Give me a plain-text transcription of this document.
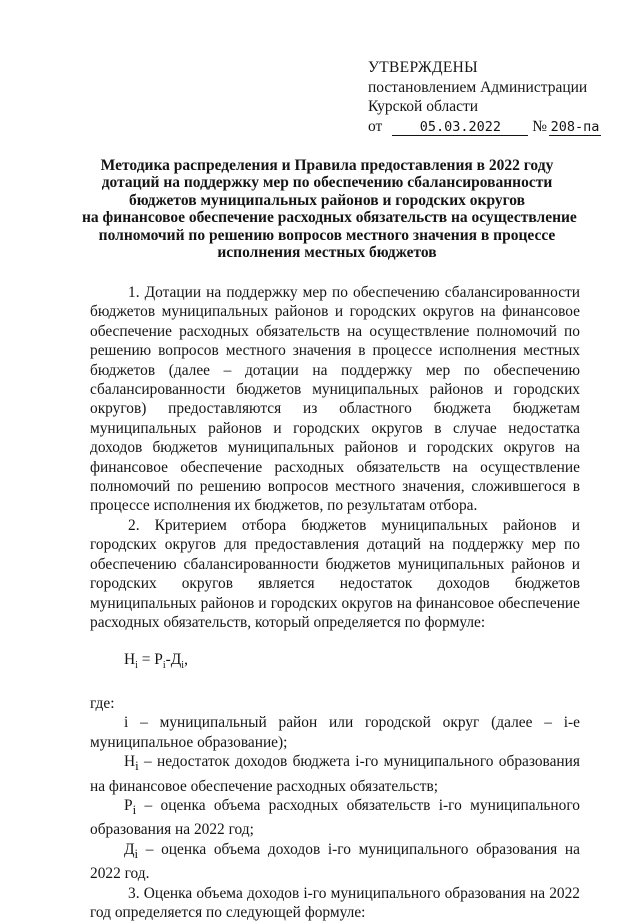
УТВЕРЖДЕНЫ
постановлением Администрации
Курской области
от	05.03.2022 № 208-па
Методика распределения и Правила предоставления в 2022 году
дотаций на поддержку мер по обеспечению сбалансированности
бюджетов муниципальных районов и городских округов
на финансовое обеспечение расходных обязательств на осуществление
полномочий по решению вопросов местного значения в процессе
исполнения местных бюджетов

1. Дотации на поддержку мер по обеспечению сбалансированности бюджетов муниципальных районов и городских округов на финансовое обеспечение расходных обязательств на осуществление полномочий по решению вопросов местного значения в процессе исполнения местных бюджетов (далее – дотации на поддержку мер по обеспечению сбалансированности бюджетов муниципальных районов и городских округов) предоставляются из областного бюджета бюджетам муниципальных районов и городских округов в случае недостатка доходов бюджетов муниципальных районов и городских округов на финансовое обеспечение расходных обязательств на осуществление полномочий по решению вопросов местного значения, сложившегося в процессе исполнения их бюджетов, по результатам отбора.

2. Критерием отбора бюджетов муниципальных районов и городских округов для предоставления дотаций на поддержку мер по обеспечению сбалансированности бюджетов муниципальных районов и городских округов является недостаток доходов бюджетов муниципальных районов и городских округов на финансовое обеспечение расходных обязательств, который определяется по формуле:

$Н_i = Р_i-Д_i$,

где:

i – муниципальный район или городской округ (далее – i-е муниципальное образование);

$Н_i$ – недостаток доходов бюджета i-го муниципального образования на финансовое обеспечение расходных обязательств;

$Р_i$ – оценка объема расходных обязательств i-го муниципального образования на 2022 год;

$Д_i$ – оценка объема доходов i-го муниципального образования на 2022 год.

3. Оценка объема доходов i-го муниципального образования на 2022 год определяется по следующей формуле:
